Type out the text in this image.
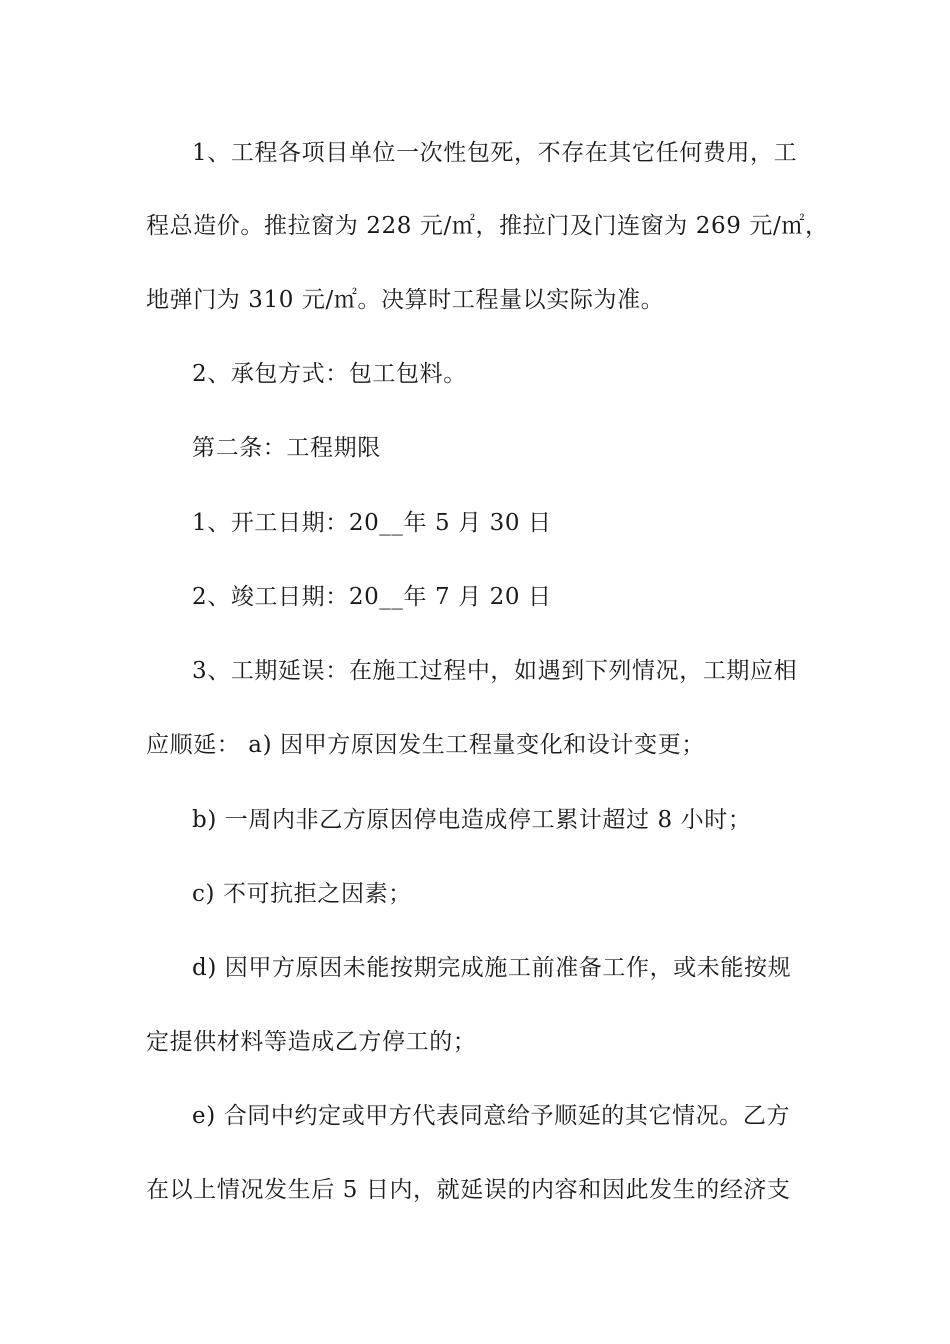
1、工程各项目单位一次性包死，不存在其它任何费用，工
程总造价。推拉窗为 228 元/㎡，推拉门及门连窗为 269 元/㎡，
地弹门为 310 元/㎡。决算时工程量以实际为准。
2、承包方式：包工包料。
第二条：工程期限
1、开工日期：20__年 5 月 30 日
2、竣工日期：20__年 7 月 20 日
3、工期延误：在施工过程中，如遇到下列情况，工期应相
应顺延： a) 因甲方原因发生工程量变化和设计变更；
b) 一周内非乙方原因停电造成停工累计超过 8 小时；
c) 不可抗拒之因素；
d) 因甲方原因未能按期完成施工前准备工作，或未能按规
定提供材料等造成乙方停工的；
e) 合同中约定或甲方代表同意给予顺延的其它情况。乙方
在以上情况发生后 5 日内，就延误的内容和因此发生的经济支
